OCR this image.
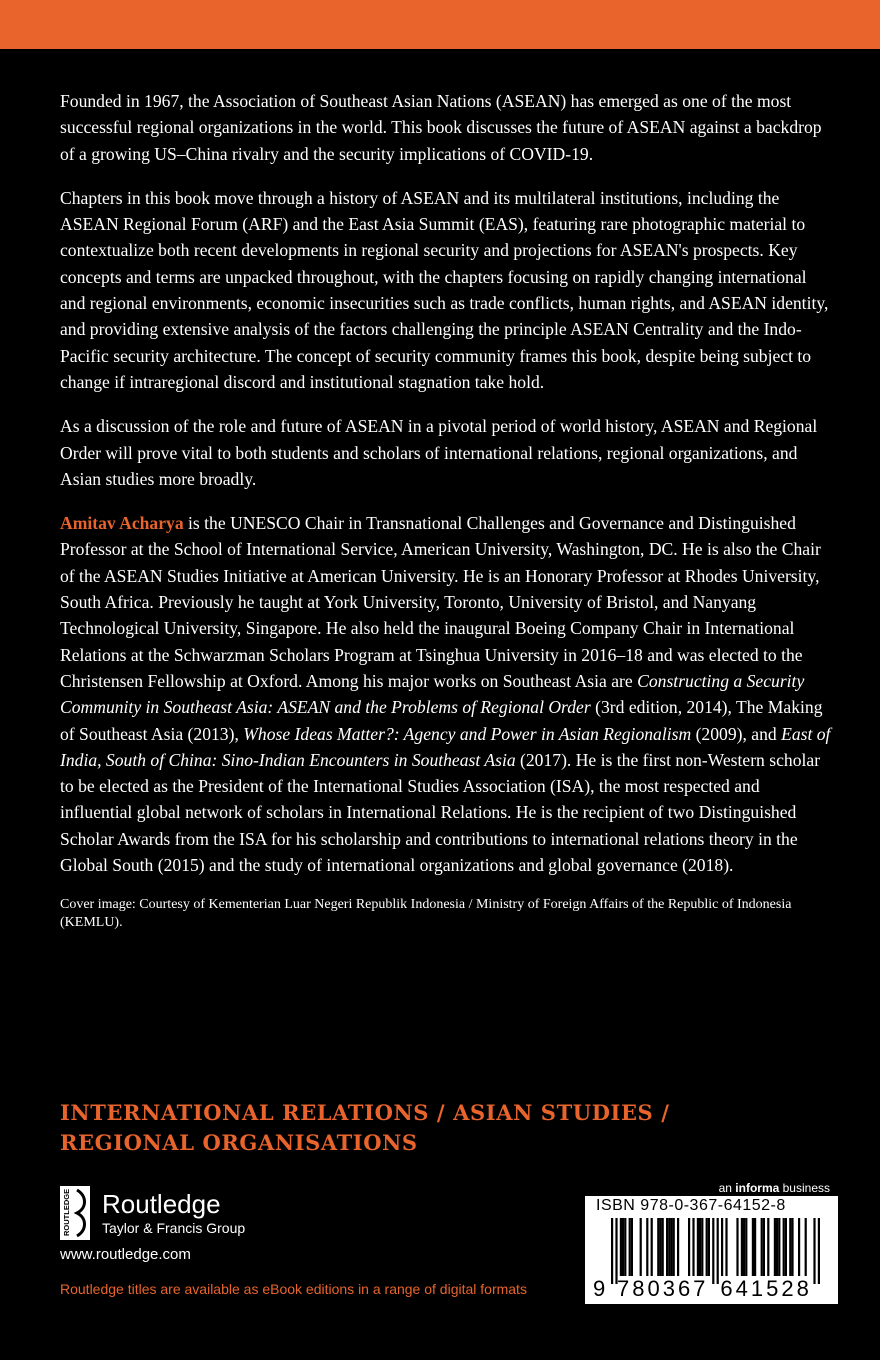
Founded in 1967, the Association of Southeast Asian Nations (ASEAN) has emerged as one of the most successful regional organizations in the world. This book discusses the future of ASEAN against a backdrop of a growing US–China rivalry and the security implications of COVID-19.

Chapters in this book move through a history of ASEAN and its multilateral institutions, including the ASEAN Regional Forum (ARF) and the East Asia Summit (EAS), featuring rare photographic material to contextualize both recent developments in regional security and projections for ASEAN's prospects. Key concepts and terms are unpacked throughout, with the chapters focusing on rapidly changing international and regional environments, economic insecurities such as trade conflicts, human rights, and ASEAN identity, and providing extensive analysis of the factors challenging the principle ASEAN Centrality and the Indo-Pacific security architecture. The concept of security community frames this book, despite being subject to change if intraregional discord and institutional stagnation take hold.

As a discussion of the role and future of ASEAN in a pivotal period of world history, ASEAN and Regional Order will prove vital to both students and scholars of international relations, regional organizations, and Asian studies more broadly.

Amitav Acharya is the UNESCO Chair in Transnational Challenges and Governance and Distinguished Professor at the School of International Service, American University, Washington, DC. He is also the Chair of the ASEAN Studies Initiative at American University. He is an Honorary Professor at Rhodes University, South Africa. Previously he taught at York University, Toronto, University of Bristol, and Nanyang Technological University, Singapore. He also held the inaugural Boeing Company Chair in International Relations at the Schwarzman Scholars Program at Tsinghua University in 2016–18 and was elected to the Christensen Fellowship at Oxford. Among his major works on Southeast Asia are Constructing a Security Community in Southeast Asia: ASEAN and the Problems of Regional Order (3rd edition, 2014), The Making of Southeast Asia (2013), Whose Ideas Matter?: Agency and Power in Asian Regionalism (2009), and East of India, South of China: Sino-Indian Encounters in Southeast Asia (2017). He is the first non-Western scholar to be elected as the President of the International Studies Association (ISA), the most respected and influential global network of scholars in International Relations. He is the recipient of two Distinguished Scholar Awards from the ISA for his scholarship and contributions to international relations theory in the Global South (2015) and the study of international organizations and global governance (2018).

Cover image: Courtesy of Kementerian Luar Negeri Republik Indonesia / Ministry of Foreign Affairs of the Republic of Indonesia (KEMLU).
INTERNATIONAL RELATIONS / ASIAN STUDIES /
REGIONAL ORGANISATIONS
ROUTLEDGE Routledge
Taylor & Francis Group
www.routledge.com
Routledge titles are available as eBook editions in a range of digital formats
an informa business
ISBN 978-0-367-64152-8
9 780367 641528
